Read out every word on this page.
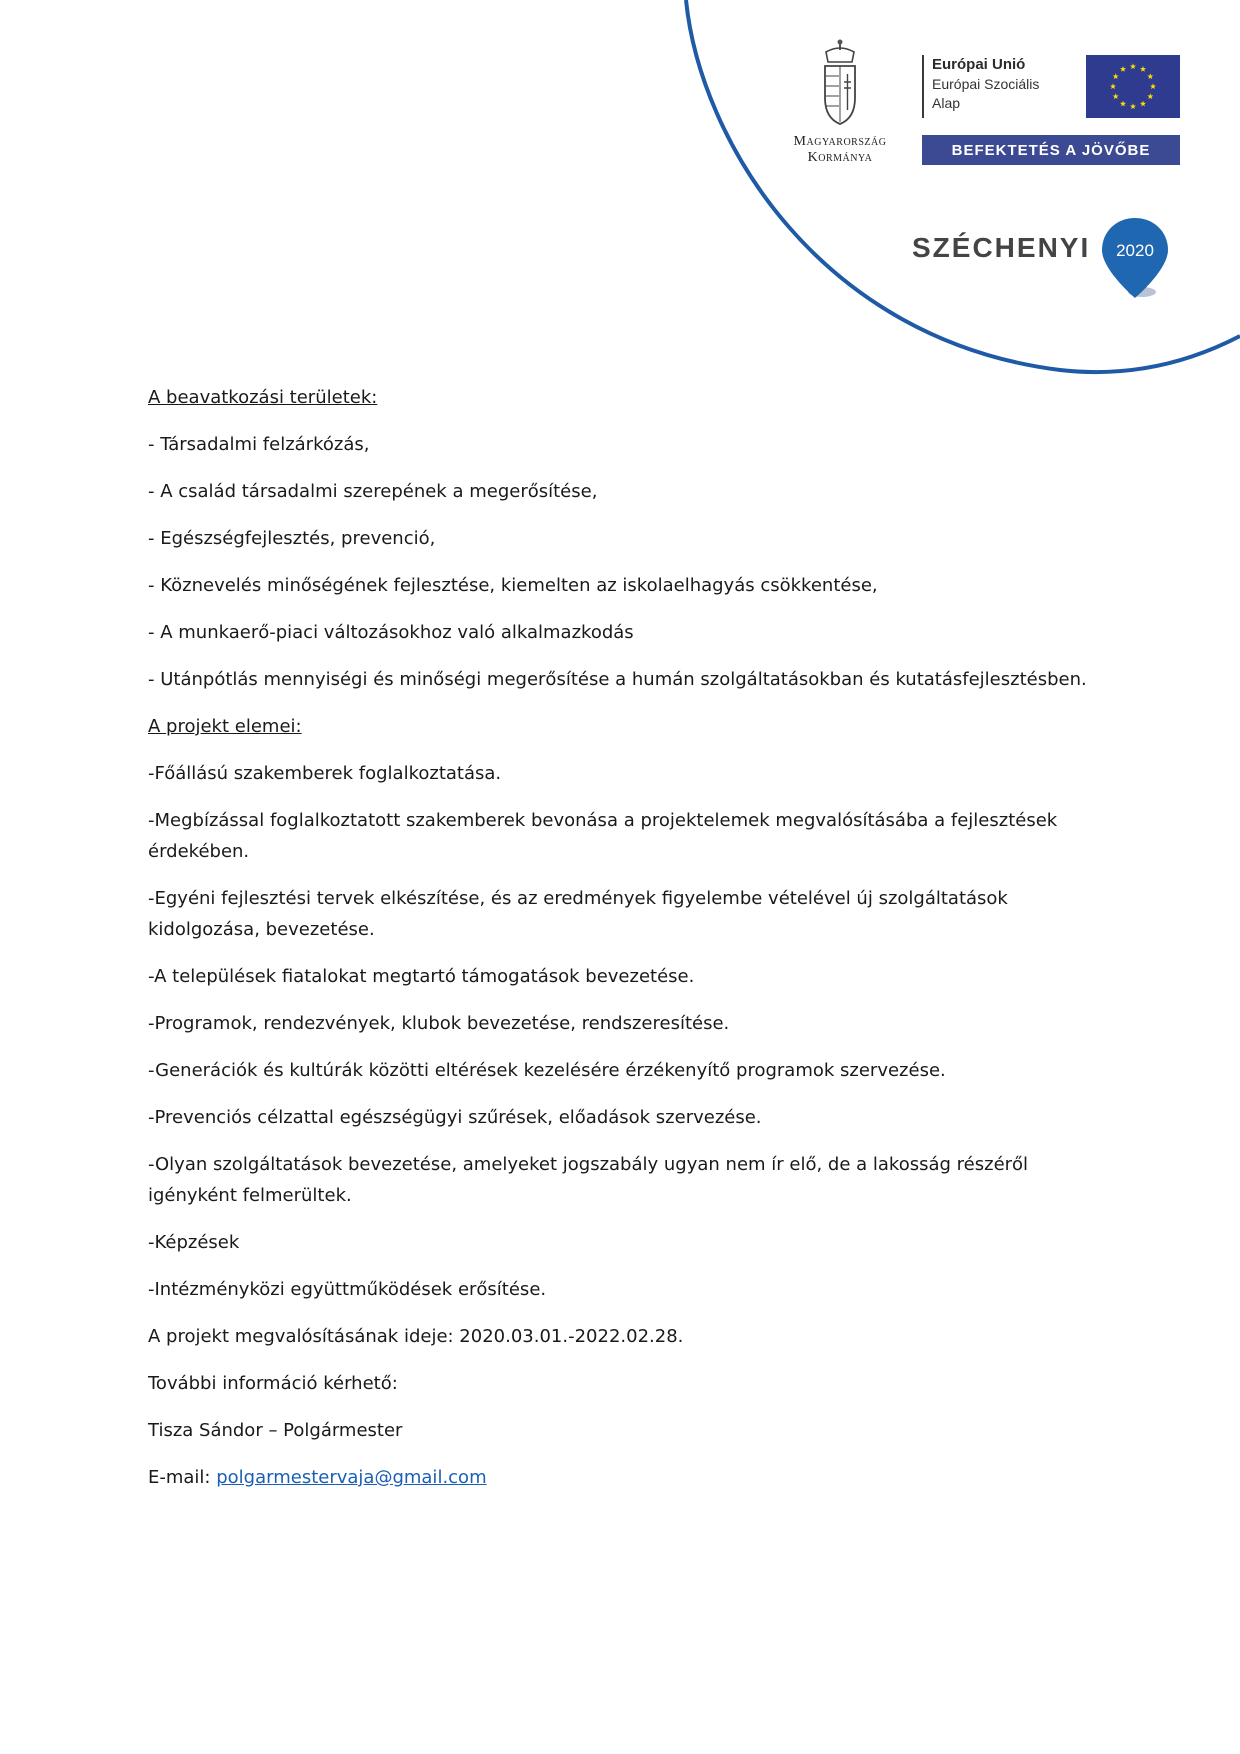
Magyarország
Kormánya
Európai Unió
Európai Szociális
Alap
BEFEKTETÉS A JÖVŐBE
SZÉCHENYI 2020

A beavatkozási területek:

- Társadalmi felzárkózás,

- A család társadalmi szerepének a megerősítése,

- Egészségfejlesztés, prevenció,

- Köznevelés minőségének fejlesztése, kiemelten az iskolaelhagyás csökkentése,

- A munkaerő-piaci változásokhoz való alkalmazkodás

- Utánpótlás mennyiségi és minőségi megerősítése a humán szolgáltatásokban és kutatásfejlesztésben.

A projekt elemei:

-Főállású szakemberek foglalkoztatása.

-Megbízással foglalkoztatott szakemberek bevonása a projektelemek megvalósításába a fejlesztések érdekében.

-Egyéni fejlesztési tervek elkészítése, és az eredmények figyelembe vételével új szolgáltatások kidolgozása, bevezetése.

-A települések fiatalokat megtartó támogatások bevezetése.

-Programok, rendezvények, klubok bevezetése, rendszeresítése.

-Generációk és kultúrák közötti eltérések kezelésére érzékenyítő programok szervezése.

-Prevenciós célzattal egészségügyi szűrések, előadások szervezése.

-Olyan szolgáltatások bevezetése, amelyeket jogszabály ugyan nem ír elő, de a lakosság részéről igényként felmerültek.

-Képzések

-Intézményközi együttműködések erősítése.

A projekt megvalósításának ideje: 2020.03.01.-2022.02.28.

További információ kérhető:

Tisza Sándor – Polgármester

E-mail: polgarmestervaja@gmail.com
